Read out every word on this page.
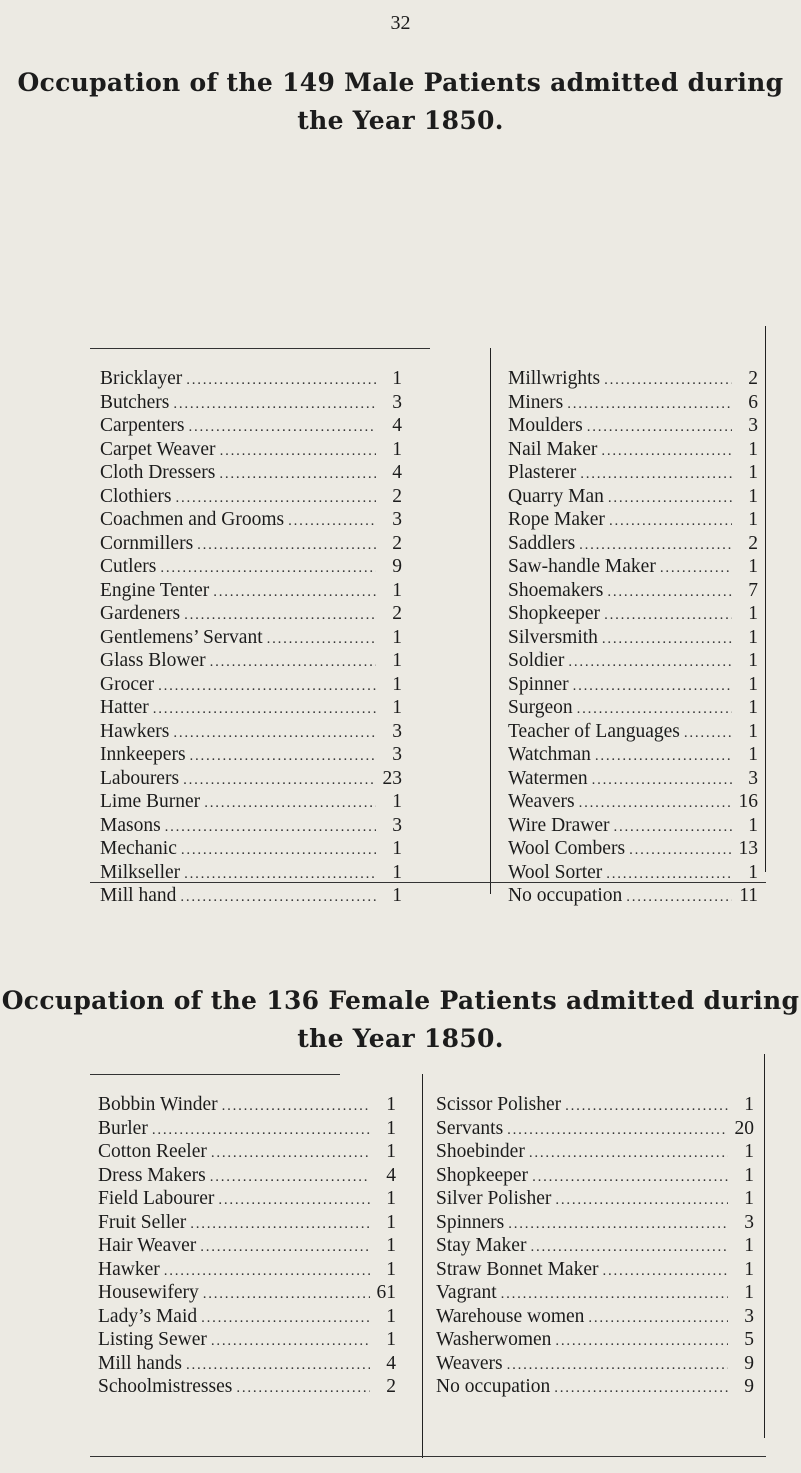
32
Occupation of the 149 Male Patients admitted during
the Year 1850.
Bricklayer . . .	1
Butchers . . .	3
Carpenters . . .	4
Carpet Weaver . . .	1
Cloth Dressers . . .	4
Clothiers . . .	2
Coachmen and Grooms . . .	3
Cornmillers . . .	2
Cutlers . . .	9
Engine Tenter . . .	1
Gardeners . . .	2
Gentlemens’ Servant . . .	1
Glass Blower . . .	1
Grocer . . .	1
Hatter . . .	1
Hawkers . . .	3
Innkeepers . . .	3
Labourers . . .	23
Lime Burner . . .	1
Masons . . .	3
Mechanic . . .	1
Milkseller . . .	1
Mill hand . . .	1
Millwrights . . .	2
Miners . . .	6
Moulders . . .	3
Nail Maker . . .	1
Plasterer . . .	1
Quarry Man . . .	1
Rope Maker . . .	1
Saddlers . . .	2
Saw-handle Maker . . .	1
Shoemakers . . .	7
Shopkeeper . . .	1
Silversmith . . .	1
Soldier . . .	1
Spinner . . .	1
Surgeon . . .	1
Teacher of Languages . . .	1
Watchman . . .	1
Watermen . . .	3
Weavers . . .	16
Wire Drawer . . .	1
Wool Combers . . .	13
Wool Sorter . . .	1
No occupation . . .	11
Occupation of the 136 Female Patients admitted during
the Year 1850.
Bobbin Winder . . .	1
Burler . . .	1
Cotton Reeler . . .	1
Dress Makers . . .	4
Field Labourer . . .	1
Fruit Seller . . .	1
Hair Weaver . . .	1
Hawker . . .	1
Housewifery . . .	61
Lady’s Maid . . .	1
Listing Sewer . . .	1
Mill hands . . .	4
Schoolmistresses . . .	2
Scissor Polisher . . .	1
Servants . . .	20
Shoebinder . . .	1
Shopkeeper . . .	1
Silver Polisher . . .	1
Spinners . . .	3
Stay Maker . . .	1
Straw Bonnet Maker . . .	1
Vagrant . . .	1
Warehouse women . . .	3
Washerwomen . . .	5
Weavers . . .	9
No occupation . . .	9
